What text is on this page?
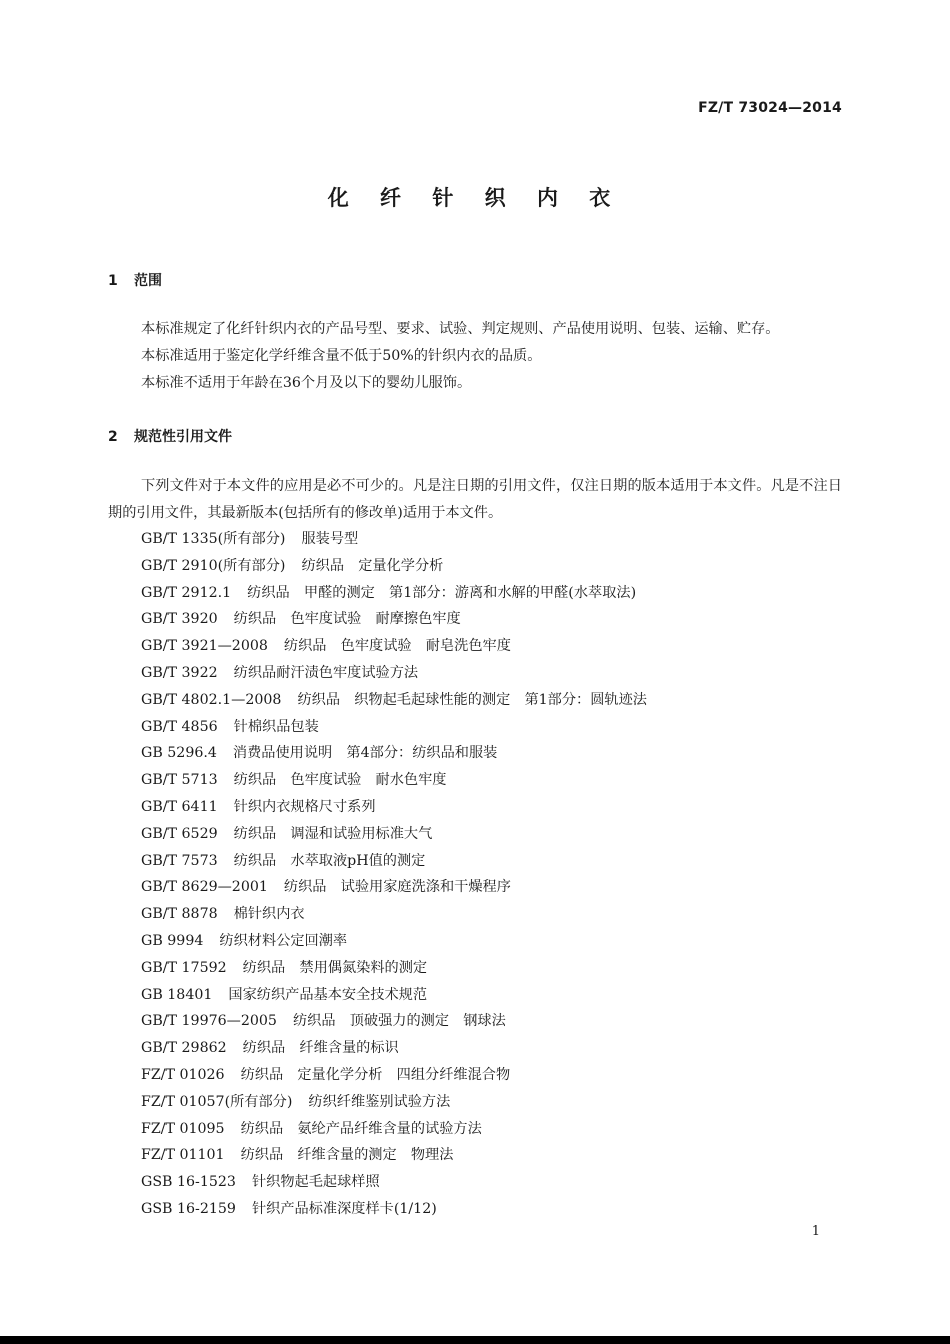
FZ/T 73024—2014
化 纤 针 织 内 衣
1 范围

本标准规定了化纤针织内衣的产品号型、要求、试验、判定规则、产品使用说明、包装、运输、贮存。

本标准适用于鉴定化学纤维含量不低于50%的针织内衣的品质。

本标准不适用于年龄在36个月及以下的婴幼儿服饰。

2 规范性引用文件

下列文件对于本文件的应用是必不可少的。凡是注日期的引用文件，仅注日期的版本适用于本文件。凡是不注日期的引用文件，其最新版本(包括所有的修改单)适用于本文件。

GB/T 1335(所有部分) 服装号型
GB/T 2910(所有部分) 纺织品　定量化学分析
GB/T 2912.1 纺织品　甲醛的测定　第1部分：游离和水解的甲醛(水萃取法)
GB/T 3920 纺织品　色牢度试验　耐摩擦色牢度
GB/T 3921—2008 纺织品　色牢度试验　耐皂洗色牢度
GB/T 3922 纺织品耐汗渍色牢度试验方法
GB/T 4802.1—2008 纺织品　织物起毛起球性能的测定　第1部分：圆轨迹法
GB/T 4856 针棉织品包装
GB 5296.4 消费品使用说明　第4部分：纺织品和服装
GB/T 5713 纺织品　色牢度试验　耐水色牢度
GB/T 6411 针织内衣规格尺寸系列
GB/T 6529 纺织品　调湿和试验用标准大气
GB/T 7573 纺织品　水萃取液pH值的测定
GB/T 8629—2001 纺织品　试验用家庭洗涤和干燥程序
GB/T 8878 棉针织内衣
GB 9994 纺织材料公定回潮率
GB/T 17592 纺织品　禁用偶氮染料的测定
GB 18401 国家纺织产品基本安全技术规范
GB/T 19976—2005 纺织品　顶破强力的测定　钢球法
GB/T 29862 纺织品　纤维含量的标识
FZ/T 01026 纺织品　定量化学分析　四组分纤维混合物
FZ/T 01057(所有部分) 纺织纤维鉴别试验方法
FZ/T 01095 纺织品　氨纶产品纤维含量的试验方法
FZ/T 01101 纺织品　纤维含量的测定　物理法
GSB 16-1523 针织物起毛起球样照
GSB 16-2159 针织产品标准深度样卡(1/12)
1
